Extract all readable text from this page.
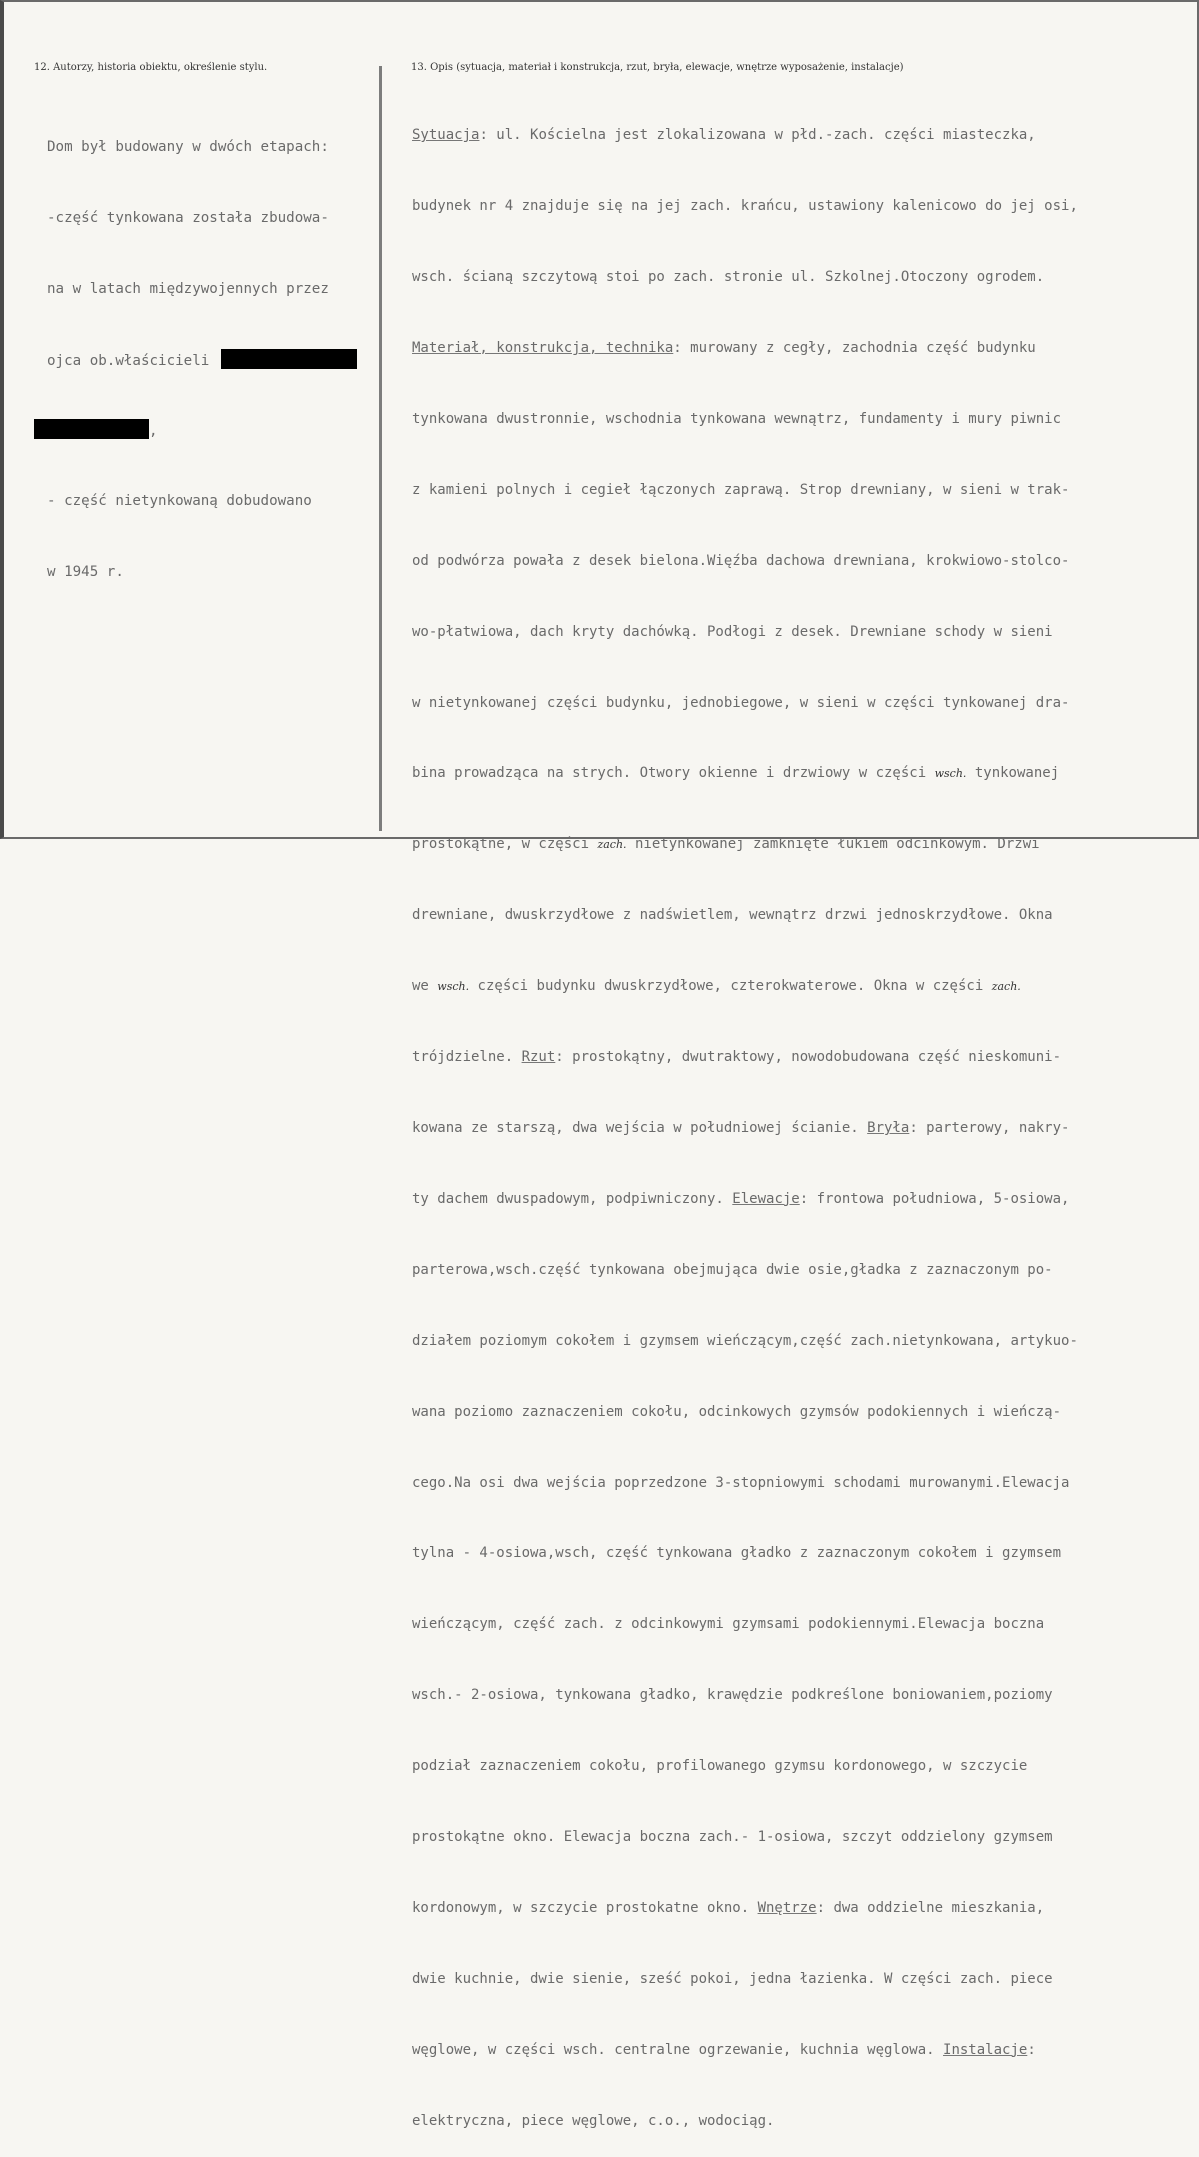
12. Autorzy, historia obiektu, określenie stylu.	13. Opis (sytuacja, materiał i konstrukcja, rzut, bryła, elewacje, wnętrze wyposażenie, instalacje)

Dom był budowany w dwóch etapach:

-część tynkowana została zbudowa-

na w latach międzywojennych przez

ojca ob.właścicieli

,

- część nietynkowaną dobudowano

w 1945 r.

Sytuacja: ul. Kościelna jest zlokalizowana w płd.-zach. części miasteczka,

budynek nr 4 znajduje się na jej zach. krańcu, ustawiony kalenicowo do jej osi,

wsch. ścianą szczytową stoi po zach. stronie ul. Szkolnej.Otoczony ogrodem.

Materiał, konstrukcja, technika: murowany z cegły, zachodnia część budynku

tynkowana dwustronnie, wschodnia tynkowana wewnątrz, fundamenty i mury piwnic

z kamieni polnych i cegieł łączonych zaprawą. Strop drewniany, w sieni w trak-

od podwórza powała z desek bielona.Więźba dachowa drewniana, krokwiowo-stolco-

wo-płatwiowa, dach kryty dachówką. Podłogi z desek. Drewniane schody w sieni

w nietynkowanej części budynku, jednobiegowe, w sieni w części tynkowanej dra-

bina prowadząca na strych. Otwory okienne i drzwiowy w części wsch. tynkowanej

prostokątne, w części zach. nietynkowanej zamknięte łukiem odcinkowym. Drzwi

drewniane, dwuskrzydłowe z nadświetlem, wewnątrz drzwi jednoskrzydłowe. Okna

we wsch. części budynku dwuskrzydłowe, czterokwaterowe. Okna w części zach.

trójdzielne. Rzut: prostokątny, dwutraktowy, nowodobudowana część nieskomuni-

kowana ze starszą, dwa wejścia w południowej ścianie. Bryła: parterowy, nakry-

ty dachem dwuspadowym, podpiwniczony. Elewacje: frontowa południowa, 5-osiowa,

parterowa,wsch.część tynkowana obejmująca dwie osie,gładka z zaznaczonym po-

działem poziomym cokołem i gzymsem wieńczącym,część zach.nietynkowana, artykuo-

wana poziomo zaznaczeniem cokołu, odcinkowych gzymsów podokiennych i wieńczą-

cego.Na osi dwa wejścia poprzedzone 3-stopniowymi schodami murowanymi.Elewacja

tylna - 4-osiowa,wsch, część tynkowana gładko z zaznaczonym cokołem i gzymsem

wieńczącym, część zach. z odcinkowymi gzymsami podokiennymi.Elewacja boczna

wsch.- 2-osiowa, tynkowana gładko, krawędzie podkreślone boniowaniem,poziomy

podział zaznaczeniem cokołu, profilowanego gzymsu kordonowego, w szczycie

prostokątne okno. Elewacja boczna zach.- 1-osiowa, szczyt oddzielony gzymsem

kordonowym, w szczycie prostokatne okno. Wnętrze: dwa oddzielne mieszkania,

dwie kuchnie, dwie sienie, sześć pokoi, jedna łazienka. W części zach. piece

węglowe, w części wsch. centralne ogrzewanie, kuchnia węglowa. Instalacje:

elektryczna, piece węglowe, c.o., wodociąg.
